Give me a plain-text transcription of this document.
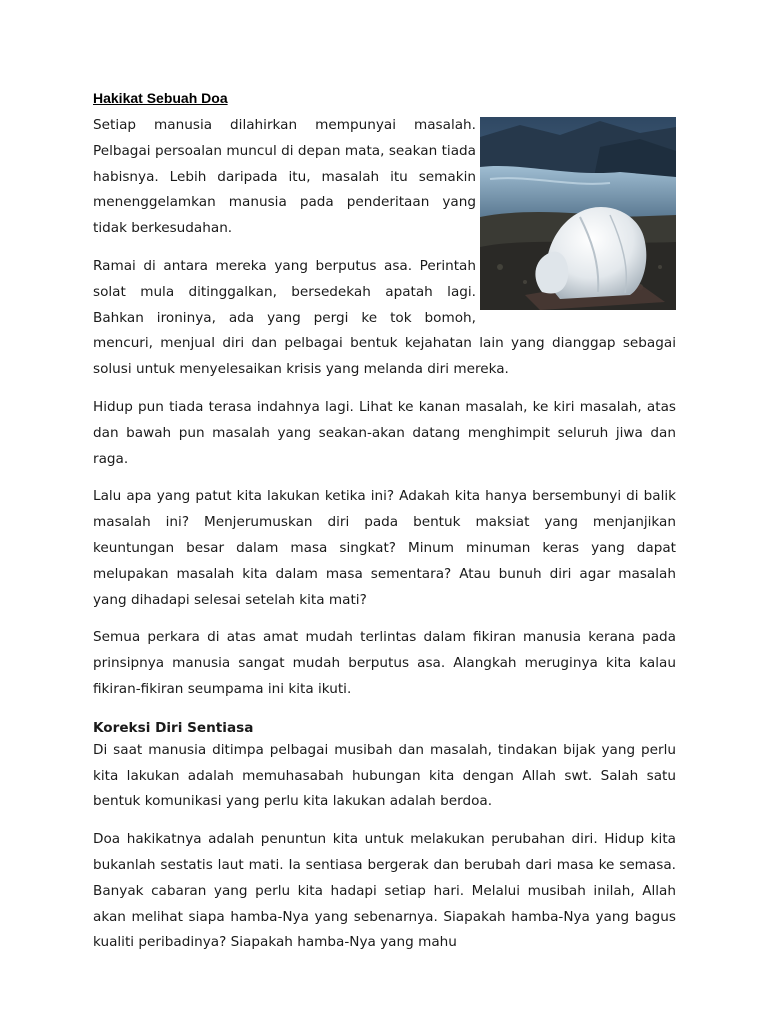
Hakikat Sebuah Doa

Setiap manusia dilahirkan mempunyai masalah. Pelbagai persoalan muncul di depan mata, seakan tiada habisnya. Lebih daripada itu, masalah itu semakin menenggelamkan manusia pada penderitaan yang tidak berkesudahan.

Ramai di antara mereka yang berputus asa. Perintah solat mula ditinggalkan, bersedekah apatah lagi. Bahkan ironinya, ada yang pergi ke tok bomoh, mencuri, menjual diri dan pelbagai bentuk kejahatan lain yang dianggap sebagai solusi untuk menyelesaikan krisis yang melanda diri mereka.

Hidup pun tiada terasa indahnya lagi. Lihat ke kanan masalah, ke kiri masalah, atas dan bawah pun masalah yang seakan-akan datang menghimpit seluruh jiwa dan raga.

Lalu apa yang patut kita lakukan ketika ini? Adakah kita hanya bersembunyi di balik masalah ini? Menjerumuskan diri pada bentuk maksiat yang menjanjikan keuntungan besar dalam masa singkat? Minum minuman keras yang dapat melupakan masalah kita dalam masa sementara? Atau bunuh diri agar masalah yang dihadapi selesai setelah kita mati?

Semua perkara di atas amat mudah terlintas dalam fikiran manusia kerana pada prinsipnya manusia sangat mudah berputus asa. Alangkah meruginya kita kalau fikiran-fikiran seumpama ini kita ikuti.

Koreksi Diri Sentiasa

Di saat manusia ditimpa pelbagai musibah dan masalah, tindakan bijak yang perlu kita lakukan adalah memuhasabah hubungan kita dengan Allah swt. Salah satu bentuk komunikasi yang perlu kita lakukan adalah berdoa.

Doa hakikatnya adalah penuntun kita untuk melakukan perubahan diri. Hidup kita bukanlah sestatis laut mati. Ia sentiasa bergerak dan berubah dari masa ke semasa. Banyak cabaran yang perlu kita hadapi setiap hari. Melalui musibah inilah, Allah akan melihat siapa hamba-Nya yang sebenarnya. Siapakah hamba-Nya yang bagus kualiti peribadinya? Siapakah hamba-Nya yang mahu
